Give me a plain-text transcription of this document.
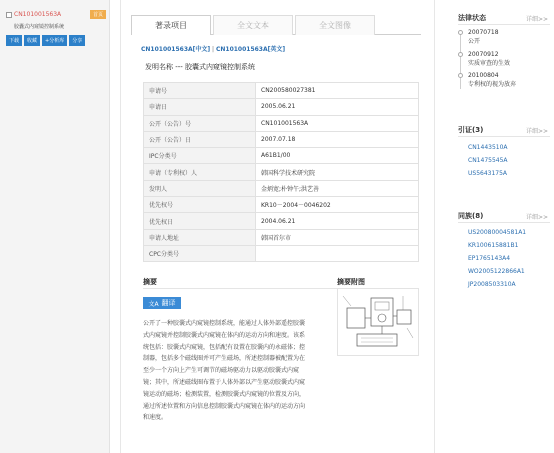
CN101001563A	首页
胶囊式内窥镜控制系统
下载	收藏	+分析库	分享
著录项目	全文文本	全文图像
CN101001563A[中文] | CN101001563A[英文]
发明名称 --- 胶囊式内窥镜控制系统
申请号	CN200580027381
申请日	2005.06.21
公开（公告）号	CN101001563A
公开（公告）日	2007.07.18
IPC分类号	A61B1/00
申请（专利权）人	韩国科学技术研究院
发明人	金炳宽;朴钟午;洪艺善
优先权号	KR10－2004－0046202
优先权日	2004.06.21
申请人地址	韩国首尔市
CPC分类号	
摘要	摘要附图
文A 翻译
公开了一种胶囊式内窥镜控制系统，能通过人体外部遥控胶囊式内窥镜并控制胶囊式内窥镜在体内的运动方向和速度。该系统包括：胶囊式内窥镜，包括配有设置在胶囊内的永磁体；控制器，包括多个磁线圈并可产生磁场，所述控制器被配置为在至少一个方向上产生可调节的磁场驱动力以驱动胶囊式内窥镜；其中，所述磁线圈布置于人体外部以产生驱动胶囊式内窥镜运动的磁场；检测装置，检测胶囊式内窥镜的位置及方向，通过所述位置和方向信息控制胶囊式内窥镜在体内的运动方向和速度。
法律状态	详细>>
20070718
公开
20070912
实质审查的生效
20100804
专利权的视为放弃
引证(3)	详细>>
CN1443510A
CN1475545A
US5643175A
同族(8)	详细>>
US20080004581A1
KR100615881B1
EP1765143A4
WO2005122866A1
JP2008503310A
